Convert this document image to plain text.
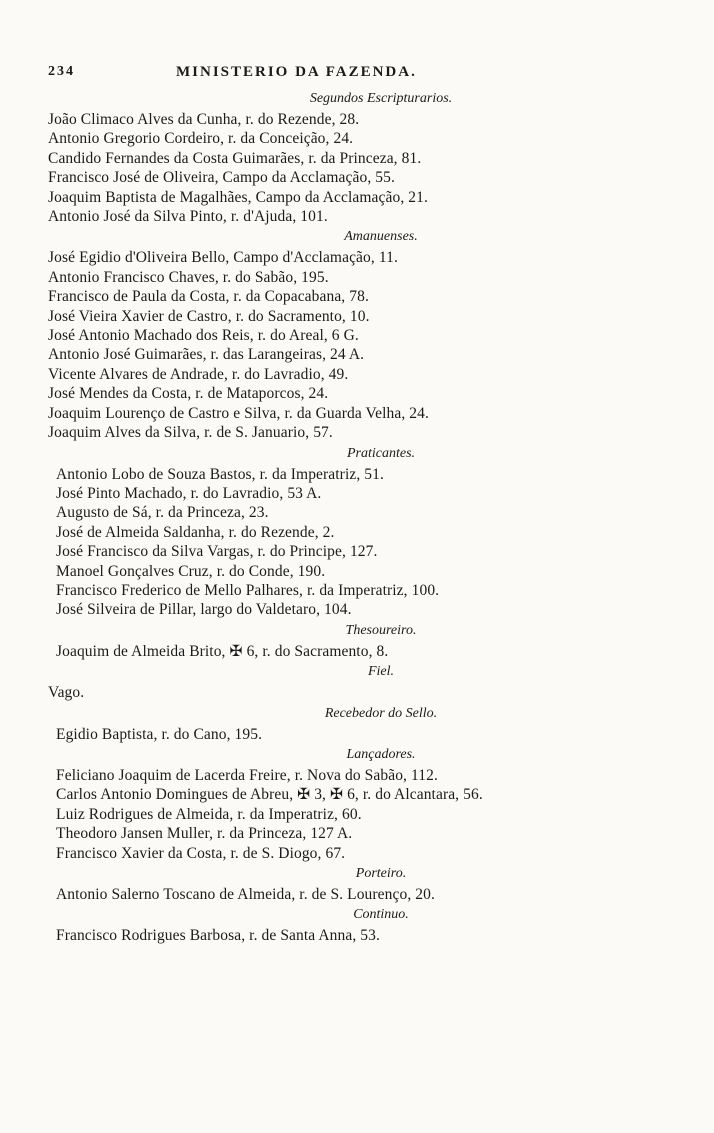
234	MINISTERIO DA FAZENDA.

Segundos Escripturarios.

João Climaco Alves da Cunha, r. do Rezende, 28.
Antonio Gregorio Cordeiro, r. da Conceição, 24.
Candido Fernandes da Costa Guimarães, r. da Princeza, 81.
Francisco José de Oliveira, Campo da Acclamação, 55.
Joaquim Baptista de Magalhães, Campo da Acclamação, 21.
Antonio José da Silva Pinto, r. d'Ajuda, 101.

Amanuenses.

José Egidio d'Oliveira Bello, Campo d'Acclamação, 11.
Antonio Francisco Chaves, r. do Sabão, 195.
Francisco de Paula da Costa, r. da Copacabana, 78.
José Vieira Xavier de Castro, r. do Sacramento, 10.
José Antonio Machado dos Reis, r. do Areal, 6 G.
Antonio José Guimarães, r. das Larangeiras, 24 A.
Vicente Alvares de Andrade, r. do Lavradio, 49.
José Mendes da Costa, r. de Mataporcos, 24.
Joaquim Lourenço de Castro e Silva, r. da Guarda Velha, 24.
Joaquim Alves da Silva, r. de S. Januario, 57.

Praticantes.

Antonio Lobo de Souza Bastos, r. da Imperatriz, 51.
José Pinto Machado, r. do Lavradio, 53 A.
Augusto de Sá, r. da Princeza, 23.
José de Almeida Saldanha, r. do Rezende, 2.
José Francisco da Silva Vargas, r. do Principe, 127.
Manoel Gonçalves Cruz, r. do Conde, 190.
Francisco Frederico de Mello Palhares, r. da Imperatriz, 100.
José Silveira de Pillar, largo do Valdetaro, 104.

Thesoureiro.

Joaquim de Almeida Brito, ✠ 6, r. do Sacramento, 8.

Fiel.

Vago.

Recebedor do Sello.

Egidio Baptista, r. do Cano, 195.

Lançadores.

Feliciano Joaquim de Lacerda Freire, r. Nova do Sabão, 112.
Carlos Antonio Domingues de Abreu, ✠ 3, ✠ 6, r. do Alcantara, 56.
Luiz Rodrigues de Almeida, r. da Imperatriz, 60.
Theodoro Jansen Muller, r. da Princeza, 127 A.
Francisco Xavier da Costa, r. de S. Diogo, 67.

Porteiro.

Antonio Salerno Toscano de Almeida, r. de S. Lourenço, 20.

Continuo.

Francisco Rodrigues Barbosa, r. de Santa Anna, 53.
